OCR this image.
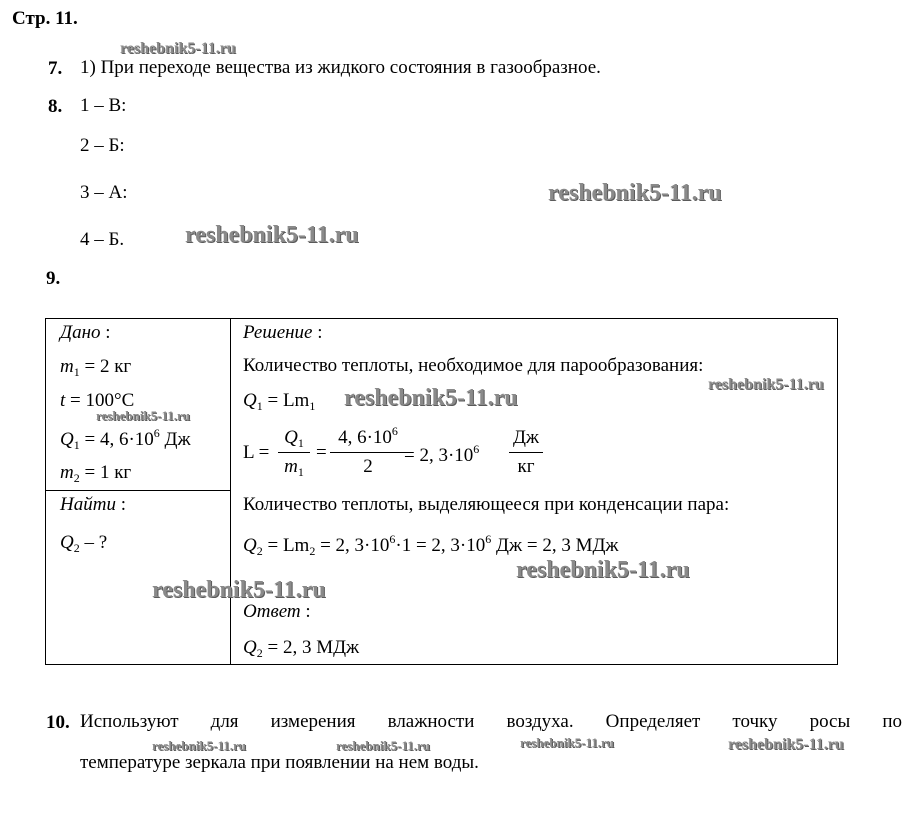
Стр. 11.
7. 1) При переходе вещества из жидкого состояния в газообразное.
8. 1 – В:
2 – Б:
3 – А:
4 – Б.
9.
Дано :
$m_1 = 2$ кг
t = 100°C
$Q_1 = 4$, $6\cdot 10^6$ Дж
$m_2 = 1$ кг
Найти :
$Q_2$ – ?
Решение :
Количество теплоты, необходимое для парообразования:
$Q_1 = Lm_1$
L =
$Q_1$
$m_1$
=
4, $6\cdot 10^6$
2
= 2, $3\cdot 10^6$
Дж
кг
Количество теплоты, выделяющееся при конденсации пара:
$Q_2 = Lm_2 = 2$, $3\cdot 10^6\cdot 1 = 2$, $3\cdot 10^6$ Дж = 2, 3 МДж
Ответ :
$Q_2 = 2$, 3 МДж
10. Используют для измерения влажности воздуха. Определяет точку росы по
температуре зеркала при появлении на нем воды.
reshebnik5-11.ru
reshebnik5-11.ru
reshebnik5-11.ru
reshebnik5-11.ru
reshebnik5-11.ru
reshebnik5-11.ru
reshebnik5-11.ru
reshebnik5-11.ru
reshebnik5-11.ru	reshebnik5-11.ru	reshebnik5-11.ru	reshebnik5-11.ru
